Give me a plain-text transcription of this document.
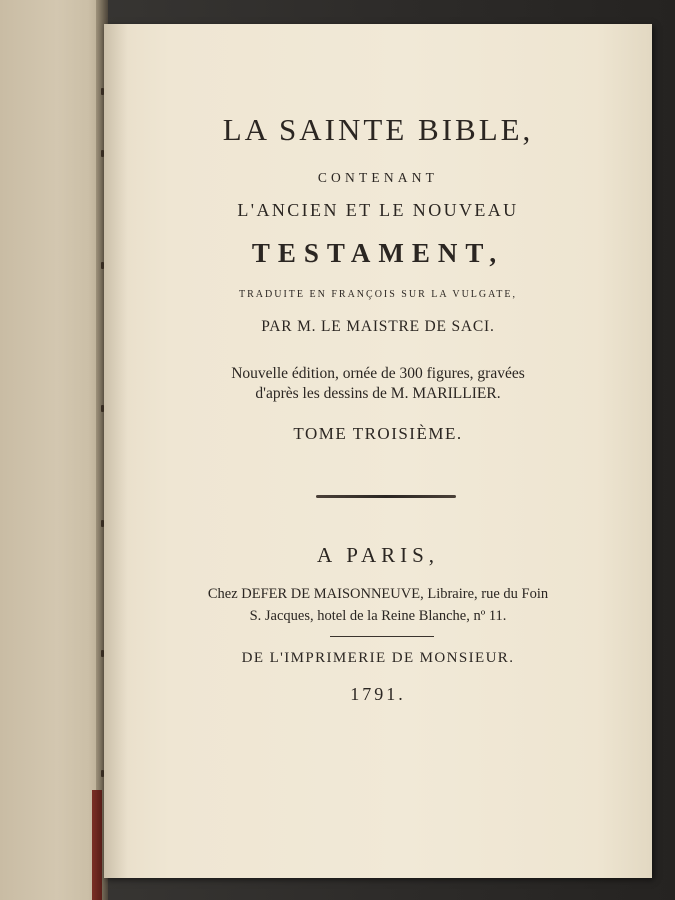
LA SAINTE BIBLE,
CONTENANT
L'ANCIEN ET LE NOUVEAU
TESTAMENT,
TRADUITE EN FRANÇOIS SUR LA VULGATE,
PAR M. LE MAISTRE DE SACI.
Nouvelle édition, ornée de 300 figures, gravées
d'après les dessins de M. MARILLIER.
TOME TROISIÈME.
A PARIS,
Chez DEFER DE MAISONNEUVE, Libraire, rue du Foin
S. Jacques, hotel de la Reine Blanche, nº 11.
DE L'IMPRIMERIE DE MONSIEUR.
1791.
